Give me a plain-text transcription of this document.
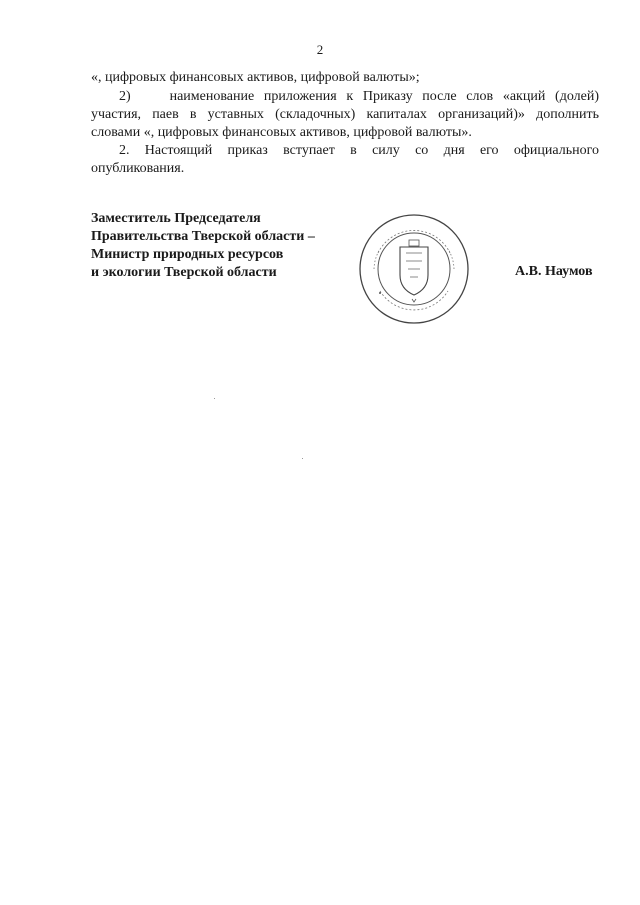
2
«, цифровых финансовых активов, цифровой валюты»;
2)    наименование приложения к Приказу после слов «акций (долей)
участия, паев в уставных (складочных) капиталах организаций)» дополнить
словами «, цифровых финансовых активов, цифровой валюты».
2. Настоящий приказ вступает в силу со дня его официального
опубликования.
Заместитель Председателя
Правительства Тверской области –
Министр природных ресурсов
и экологии Тверской области	А.В. Наумов
